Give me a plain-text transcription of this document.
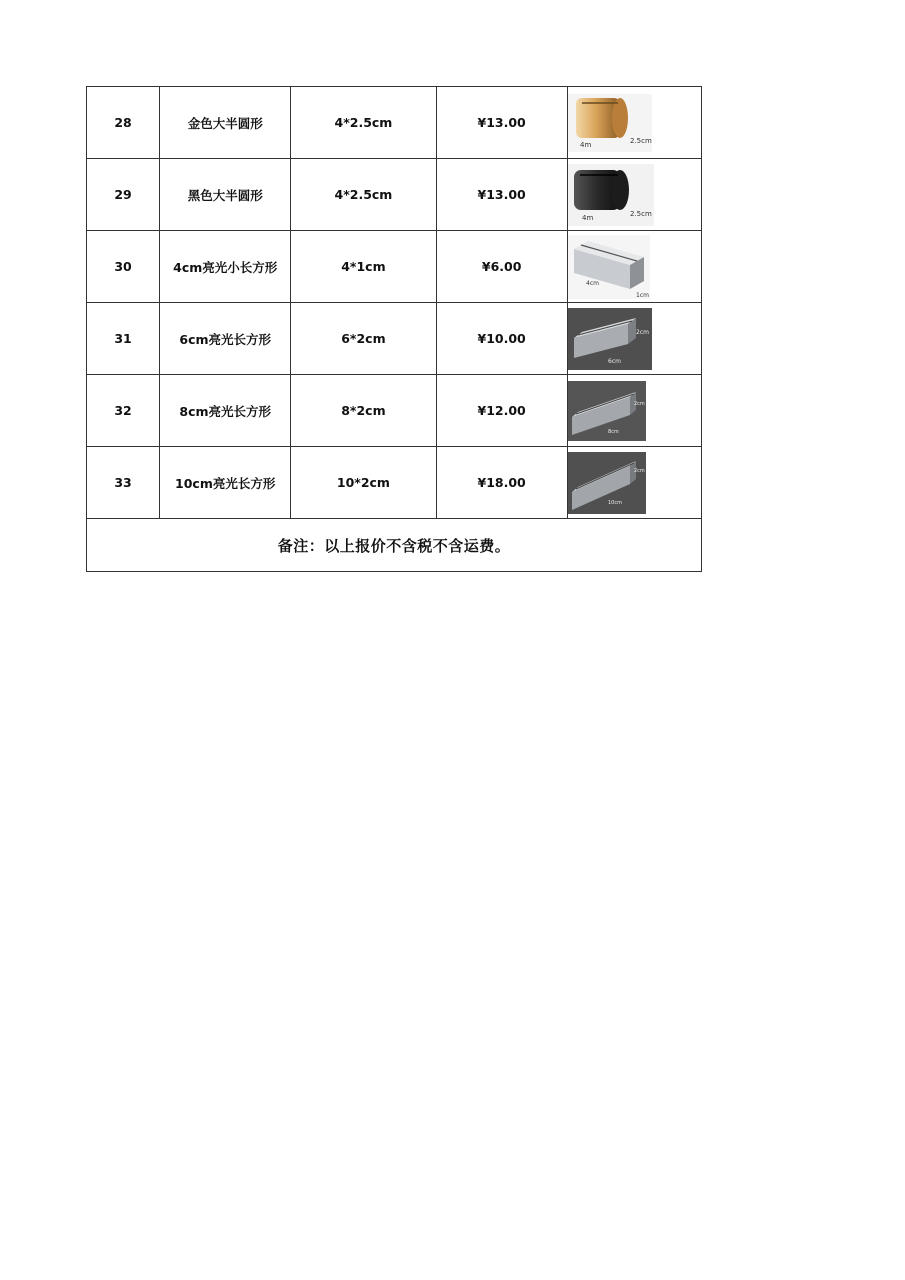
28	金色大半圆形	4*2.5cm	¥13.00	4m 2.5cm

29	黑色大半圆形	4*2.5cm	¥13.00	4m 2.5cm

30	4cm亮光小长方形	4*1cm	¥6.00	4cm
1cm

31	6cm亮光长方形	6*2cm	¥10.00	6cm
2cm

32	8cm亮光长方形	8*2cm	¥12.00	8cm
2cm

33	10cm亮光长方形	10*2cm	¥18.00	10cm
2cm

备注：以上报价不含税不含运费。				
